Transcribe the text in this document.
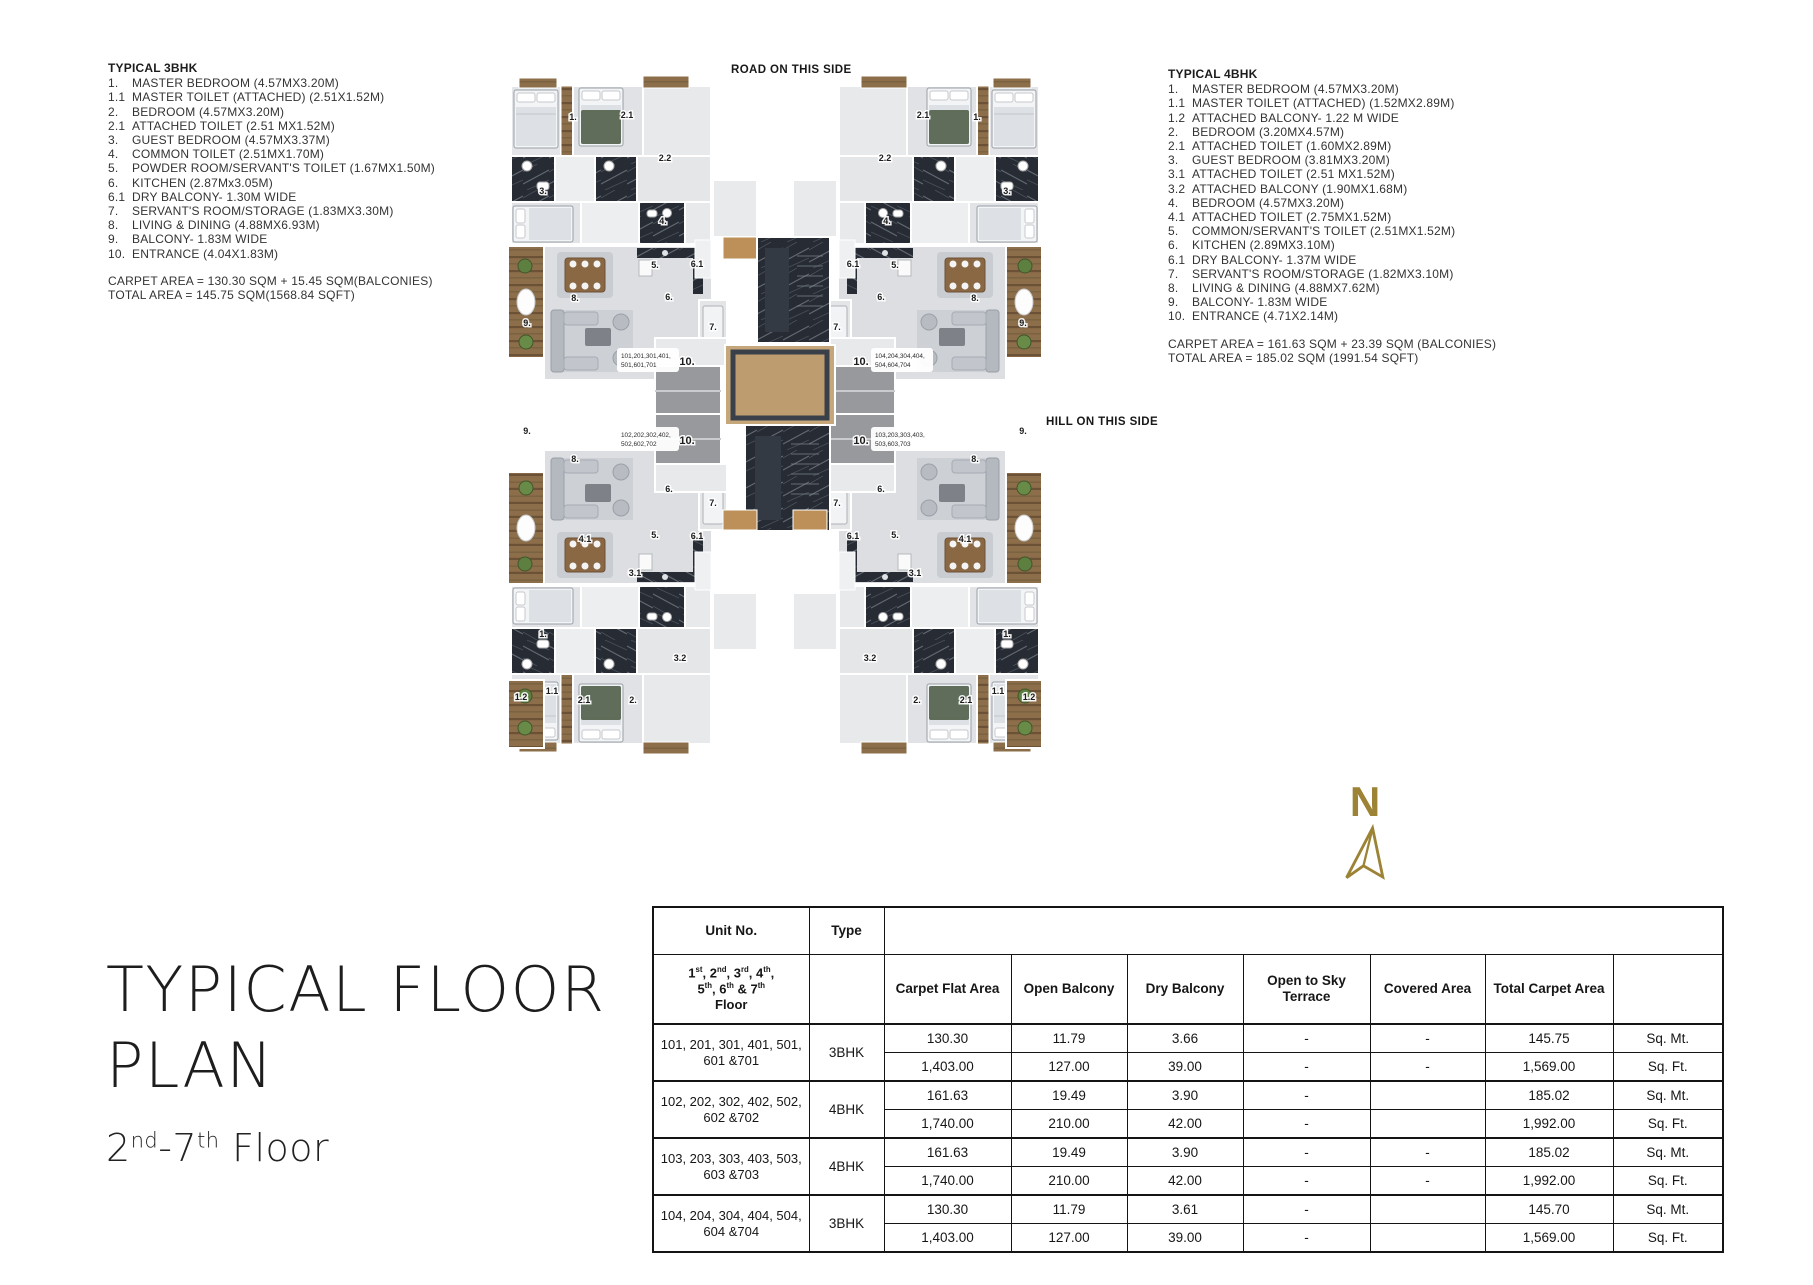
TYPICAL 3BHK
1.	MASTER BEDROOM (4.57MX3.20M)
1.1 MASTER TOILET (ATTACHED) (2.51X1.52M)
2.	BEDROOM (4.57MX3.20M)
2.1 ATTACHED TOILET (2.51 MX1.52M)
3.	GUEST BEDROOM (4.57MX3.37M)
4.	COMMON TOILET (2.51MX1.70M)
5.	POWDER ROOM/SERVANT'S TOILET (1.67MX1.50M)
6.	KITCHEN (2.87Mx3.05M)
6.1 DRY BALCONY- 1.30M WIDE
7.	SERVANT'S ROOM/STORAGE (1.83MX3.30M)
8.	LIVING & DINING (4.88MX6.93M)
9.	BALCONY- 1.83M WIDE
10. ENTRANCE (4.04X1.83M)
CARPET AREA = 130.30 SQM + 15.45 SQM(BALCONIES)
TOTAL AREA = 145.75 SQM(1568.84 SQFT)
TYPICAL 4BHK
1.	MASTER BEDROOM (4.57MX3.20M)
1.1 MASTER TOILET (ATTACHED) (1.52MX2.89M)
1.2 ATTACHED BALCONY- 1.22 M WIDE
2.	BEDROOM (3.20MX4.57M)
2.1 ATTACHED TOILET (1.60MX2.89M)
3.	GUEST BEDROOM (3.81MX3.20M)
3.1 ATTACHED TOILET (2.51 MX1.52M)
3.2 ATTACHED BALCONY (1.90MX1.68M)
4.	BEDROOM (4.57MX3.20M)
4.1 ATTACHED TOILET (2.75MX1.52M)
5.	COMMON/SERVANT'S TOILET (2.51MX1.52M)
6.	KITCHEN (2.89MX3.10M)
6.1 DRY BALCONY- 1.37M WIDE
7.	SERVANT'S ROOM/STORAGE (1.82MX3.10M)
8.	LIVING & DINING (4.88MX7.62M)
9.	BALCONY- 1.83M WIDE
10. ENTRANCE (4.71X2.14M)
CARPET AREA = 161.63 SQM + 23.39 SQM (BALCONIES)
TOTAL AREA = 185.02 SQM (1991.54 SQFT)
ROAD ON THIS SIDE
HILL ON THIS SIDE
101,201,301,401,
501,601,701
104,204,304,404,
504,604,704
102,202,302,402,
502,602,702
103,203,303,403,
503,603,703
1.	2.1
2.2
3.
4.
5.	6.1
6.
8.
9.	7.
10.
2.1	1.
2.2
3.
4.
5.
6.1
6.	8.
9.
7.
10.
9.
8.
6.
5.	6.1
7.
10.
4.1
3.1
1.
3.2
2.
1.1
1.2	2.1
9.
8.
6.
5.
6.1
7.
10.
4.1
3.1
1.
3.2
2.
1.1
1.2
2.1
N
TYPICAL FLOOR
PLAN
2nd-7th Floor
Unit No.	Type							
1st, 2nd, 3rd, 4th,
5th, 6th & 7th
Floor		Carpet Flat Area	Open Balcony	Dry Balcony	Open to Sky Terrace	Covered Area	Total Carpet Area	
101, 201, 301, 401, 501, 601 &701	3BHK	130.30	11.79	3.66	-	-	145.75	Sq. Mt.
		1,403.00	127.00	39.00	-	-	1,569.00	Sq. Ft.
102, 202, 302, 402, 502, 602 &702	4BHK	161.63	19.49	3.90	-		185.02	Sq. Mt.
		1,740.00	210.00	42.00	-		1,992.00	Sq. Ft.
103, 203, 303, 403, 503, 603 &703	4BHK	161.63	19.49	3.90	-	-	185.02	Sq. Mt.
		1,740.00	210.00	42.00	-	-	1,992.00	Sq. Ft.
104, 204, 304, 404, 504, 604 &704	3BHK	130.30	11.79	3.61	-		145.70	Sq. Mt.
		1,403.00	127.00	39.00	-		1,569.00	Sq. Ft.
